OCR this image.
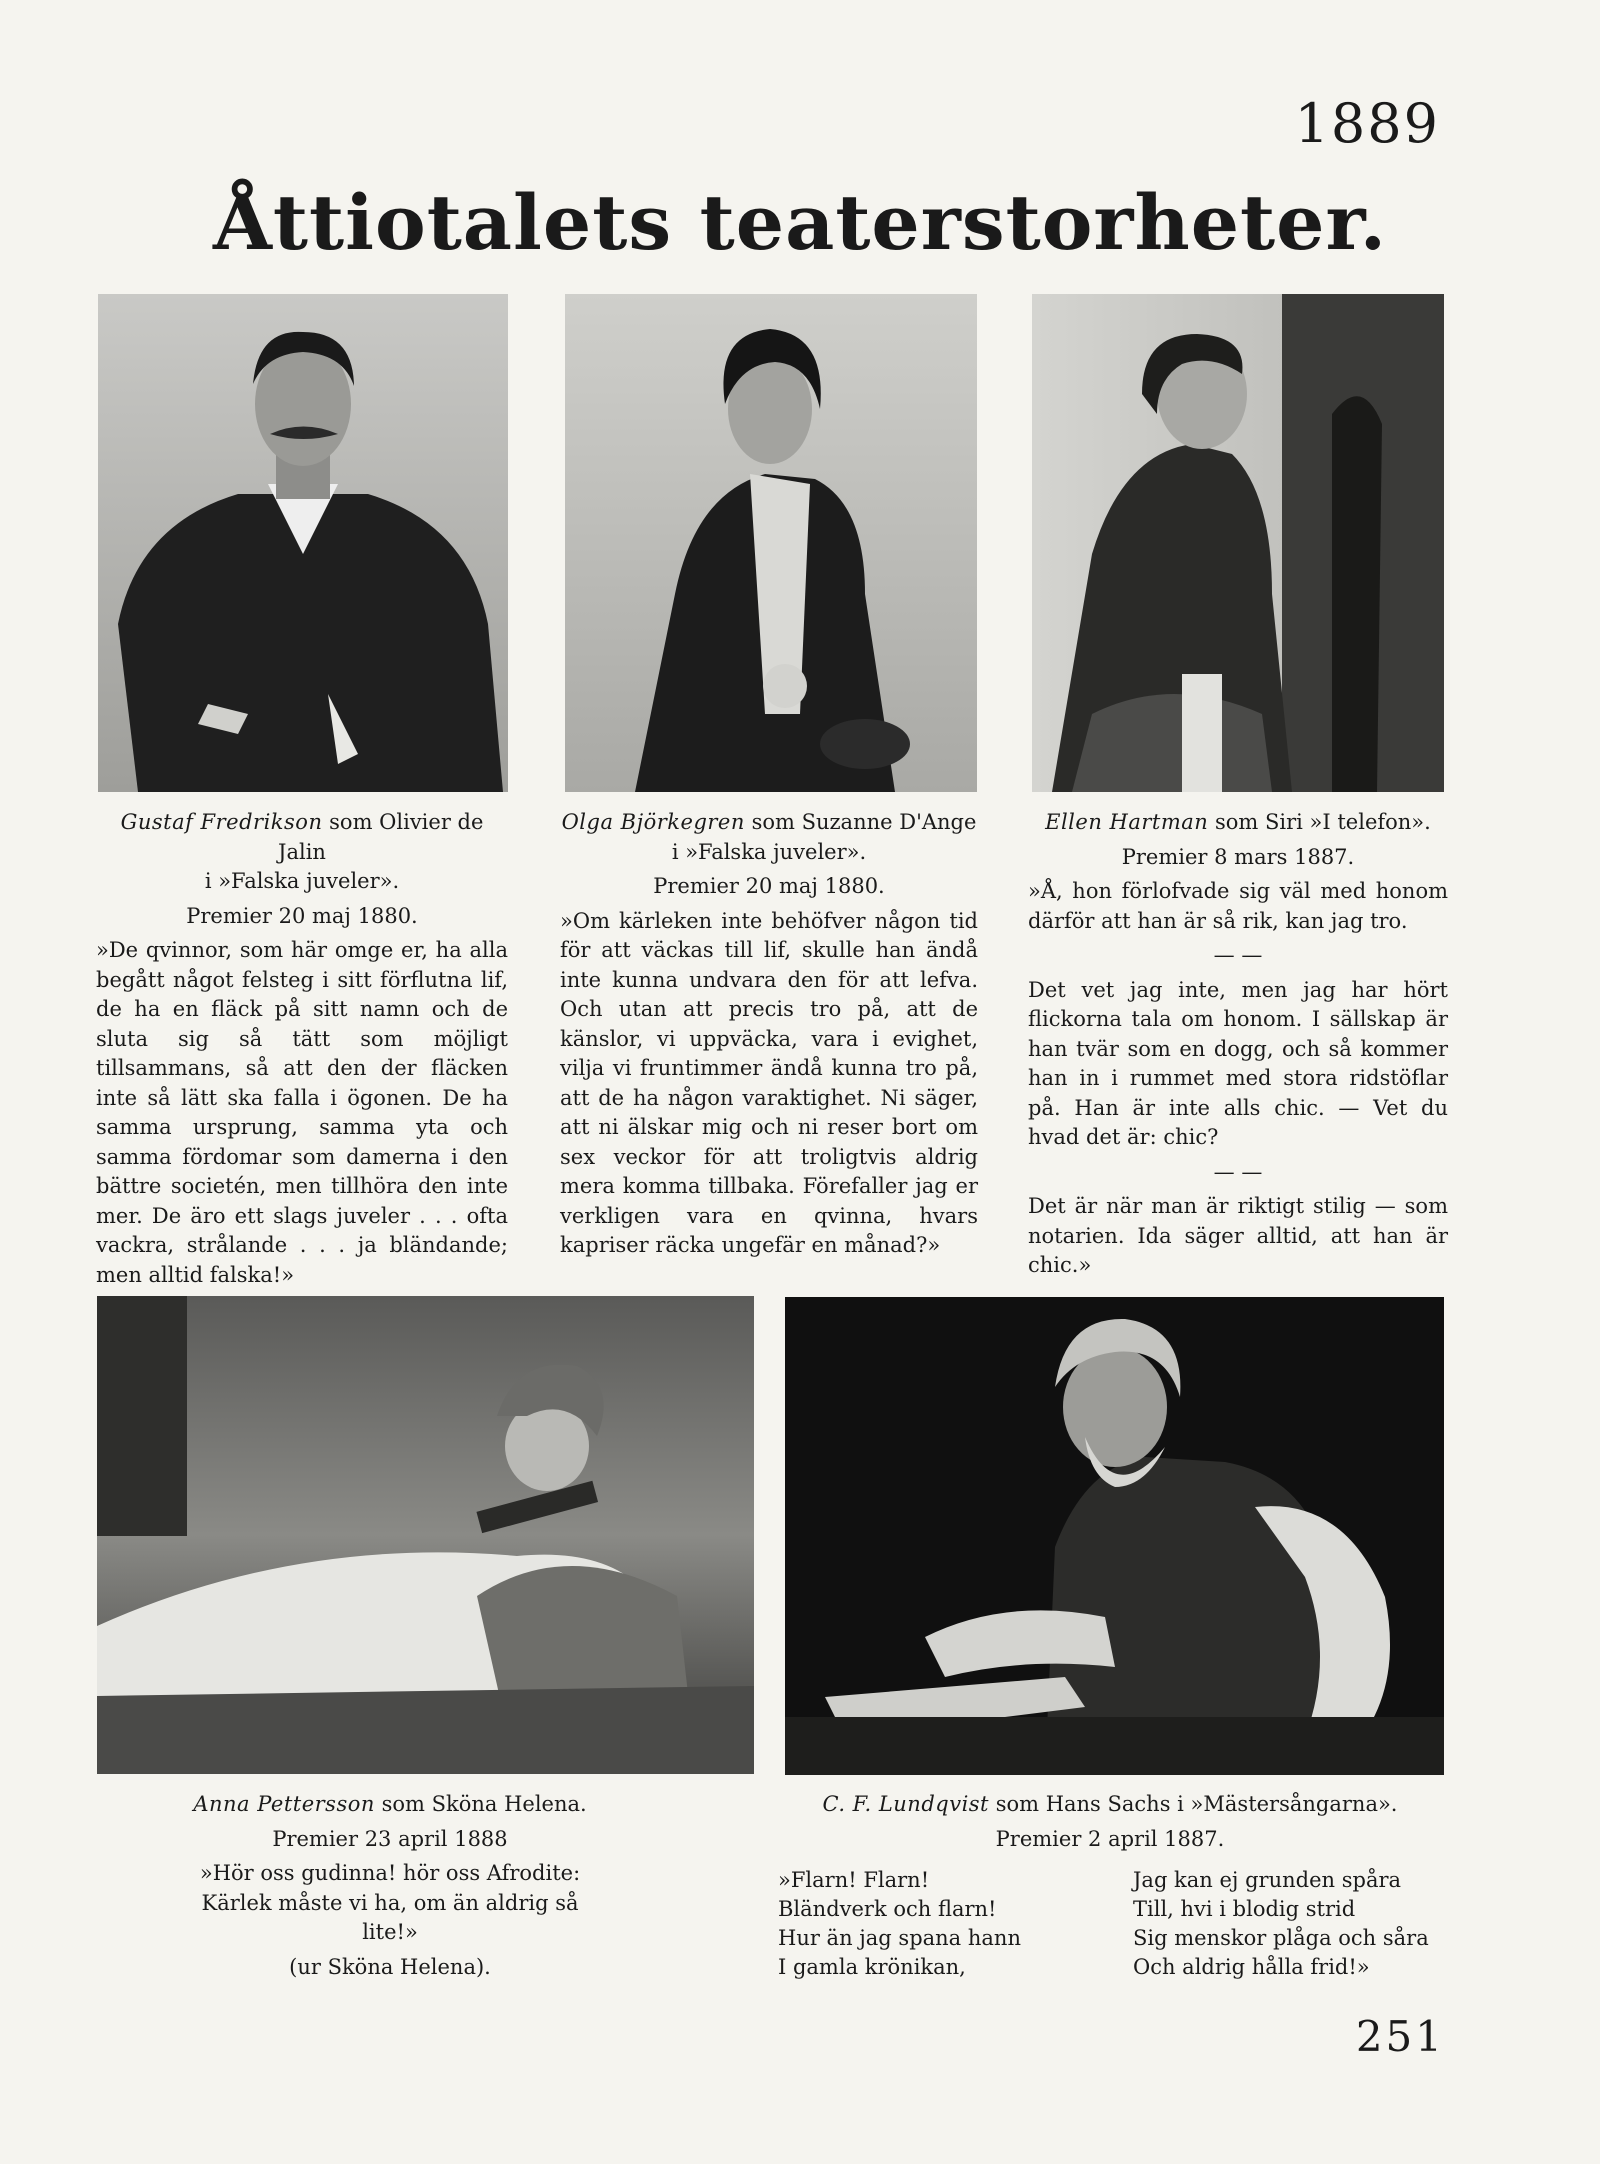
1889
Åttiotalets teaterstorheter.

Gustaf Fredrikson som Olivier de Jalin
i »Falska juveler».

Premier 20 maj 1880.

»De qvinnor, som här omge er, ha alla begått något felsteg i sitt förflutna lif, de ha en fläck på sitt namn och de sluta sig så tätt som möjligt tillsammans, så att den der fläcken inte så lätt ska falla i ögonen. De ha samma ursprung, samma yta och samma fördomar som damerna i den bättre societén, men tillhöra den inte mer. De äro ett slags juveler . . . ofta vackra, strålande . . . ja bländande; men alltid falska!»

Olga Björkegren som Suzanne D'Ange
i »Falska juveler».

Premier 20 maj 1880.

»Om kärleken inte behöfver någon tid för att väckas till lif, skulle han ändå inte kunna undvara den för att lefva. Och utan att precis tro på, att de känslor, vi uppväcka, vara i evighet, vilja vi fruntimmer ändå kunna tro på, att de ha någon varaktighet. Ni säger, att ni älskar mig och ni reser bort om sex veckor för att troligtvis aldrig mera komma tillbaka. Förefaller jag er verkligen vara en qvinna, hvars kapriser räcka ungefär en månad?»

Ellen Hartman som Siri »I telefon».

Premier 8 mars 1887.

»Å, hon förlofvade sig väl med honom därför att han är så rik, kan jag tro.

— —

Det vet jag inte, men jag har hört flickorna tala om honom. I sällskap är han tvär som en dogg, och så kommer han in i rummet med stora ridstöflar på. Han är inte alls chic. — Vet du hvad det är: chic?

— —

Det är när man är riktigt stilig — som notarien. Ida säger alltid, att han är chic.»

Anna Pettersson som Sköna Helena.

Premier 23 april 1888

»Hör oss gudinna! hör oss Afrodite: Kärlek måste vi ha, om än aldrig så lite!»

(ur Sköna Helena).

C. F. Lundqvist som Hans Sachs i »Mästersångarna».

Premier 2 april 1887.

»Flarn! Flarn!
Bländverk och flarn!
Hur än jag spana hann
I gamla krönikan,
Jag kan ej grunden spåra
Till, hvi i blodig strid
Sig menskor plåga och såra
Och aldrig hålla frid!»
251
